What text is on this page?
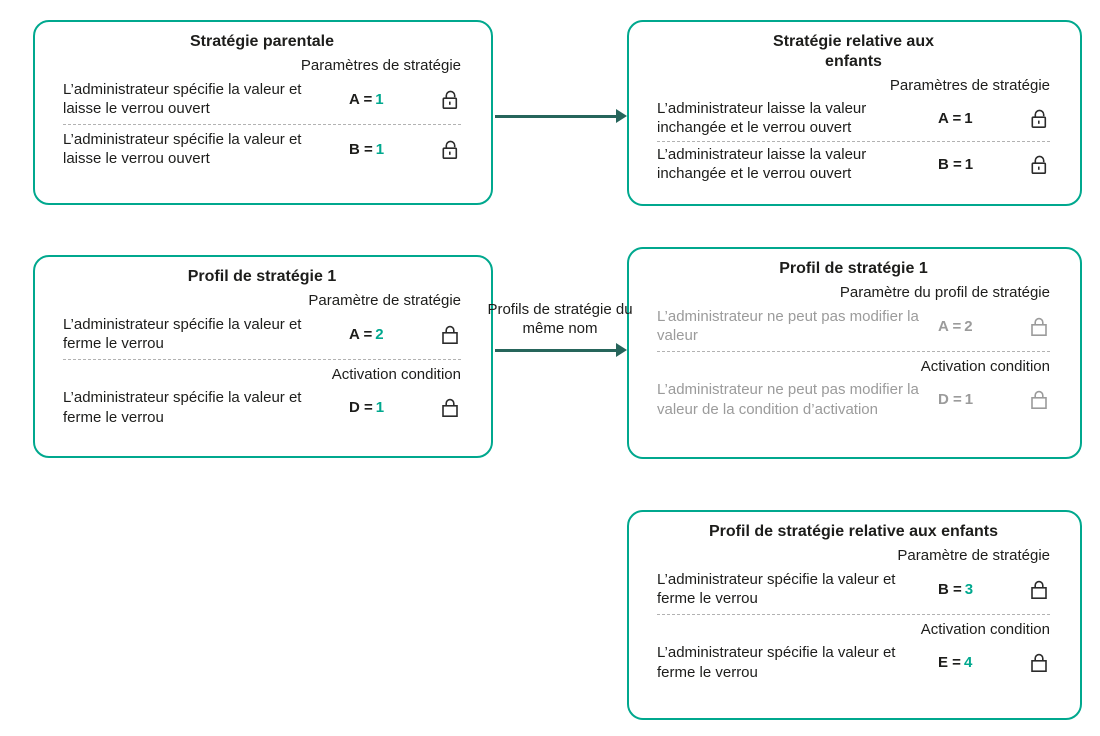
Stratégie parentale
Paramètres de stratégie
L’administrateur spécifie la valeur et laisse le verrou ouvert
A = 1
L’administrateur spécifie la valeur et laisse le verrou ouvert
B = 1
Stratégie relative aux enfants
Paramètres de stratégie
L’administrateur laisse la valeur inchangée et le verrou ouvert
A = 1
L’administrateur laisse la valeur inchangée et le verrou ouvert
B = 1
Profil de stratégie 1
Paramètre de stratégie
L’administrateur spécifie la valeur et ferme le verrou
A = 2
Activation condition
L’administrateur spécifie la valeur et ferme le verrou
D = 1
Profil de stratégie 1
Paramètre du profil de stratégie
L’administrateur ne peut pas modifier la valeur
A = 2
Activation condition
L’administrateur ne peut pas modifier la valeur de la condition d’activation
D = 1
Profil de stratégie relative aux enfants
Paramètre de stratégie
L’administrateur spécifie la valeur et ferme le verrou
B = 3
Activation condition
L’administrateur spécifie la valeur et ferme le verrou
E = 4
Profils de stratégie du même nom
